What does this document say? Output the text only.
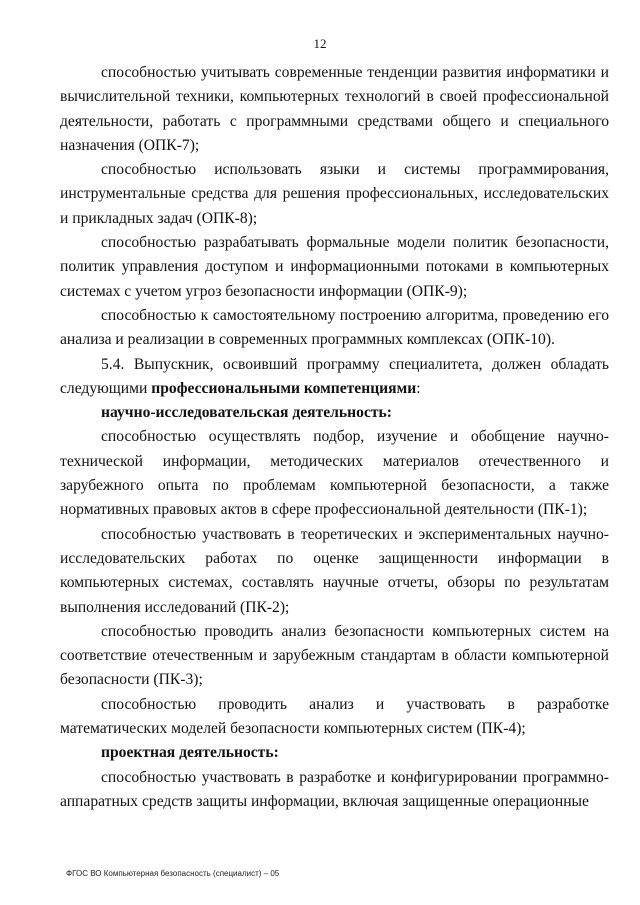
12

способностью учитывать современные тенденции развития информатики и вычислительной техники, компьютерных технологий в своей профессиональной деятельности, работать с программными средствами общего и специального назначения (ОПК-7);

способностью использовать языки и системы программирования, инструментальные средства для решения профессиональных, исследовательских и прикладных задач (ОПК-8);

способностью разрабатывать формальные модели политик безопасности, политик управления доступом и информационными потоками в компьютерных системах с учетом угроз безопасности информации (ОПК-9);

способностью к самостоятельному построению алгоритма, проведению его анализа и реализации в современных программных комплексах (ОПК-10).

5.4. Выпускник, освоивший программу специалитета, должен обладать следующими профессиональными компетенциями:

научно-исследовательская деятельность:

способностью осуществлять подбор, изучение и обобщение научно-технической информации, методических материалов отечественного и зарубежного опыта по проблемам компьютерной безопасности, а также нормативных правовых актов в сфере профессиональной деятельности (ПК-1);

способностью участвовать в теоретических и экспериментальных научно-исследовательских работах по оценке защищенности информации в компьютерных системах, составлять научные отчеты, обзоры по результатам выполнения исследований (ПК-2);

способностью проводить анализ безопасности компьютерных систем на соответствие отечественным и зарубежным стандартам в области компьютерной безопасности (ПК-3);

способностью проводить анализ и участвовать в разработке математических моделей безопасности компьютерных систем (ПК-4);

проектная деятельность:

способностью участвовать в разработке и конфигурировании программно-аппаратных средств защиты информации, включая защищенные операционные

ФГОС ВО Компьютерная безопасность (специалист) – 05
